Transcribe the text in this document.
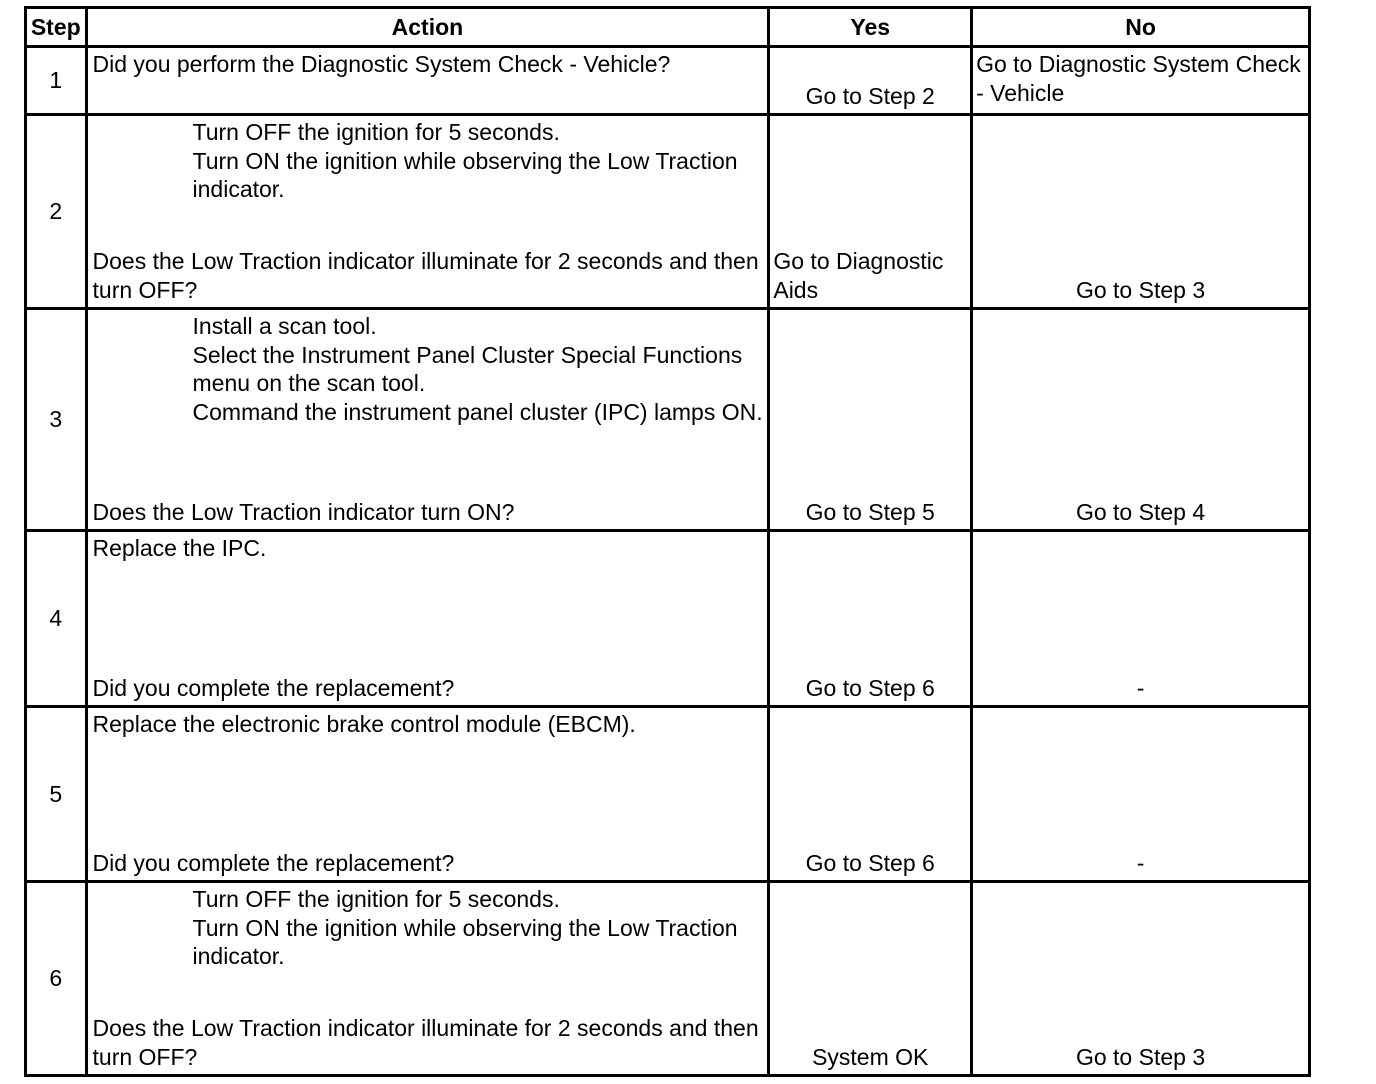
Step	Action	Yes	No
1	Did you perform the Diagnostic System Check - Vehicle?	Go to Step 2	Go to Diagnostic System Check - Vehicle
2	Turn OFF the ignition for 5 seconds.
Turn ON the ignition while observing the Low Traction indicator.
Does the Low Traction indicator illuminate for 2 seconds and then turn OFF?	Go to Diagnostic Aids	Go to Step 3
3	Install a scan tool.
Select the Instrument Panel Cluster Special Functions menu on the scan tool.
Command the instrument panel cluster (IPC) lamps ON.
Does the Low Traction indicator turn ON?	Go to Step 5	Go to Step 4
4	Replace the IPC.
Did you complete the replacement?	Go to Step 6	-
5	Replace the electronic brake control module (EBCM).
Did you complete the replacement?	Go to Step 6	-
6	Turn OFF the ignition for 5 seconds.
Turn ON the ignition while observing the Low Traction indicator.
Does the Low Traction indicator illuminate for 2 seconds and then turn OFF?	System OK	Go to Step 3
